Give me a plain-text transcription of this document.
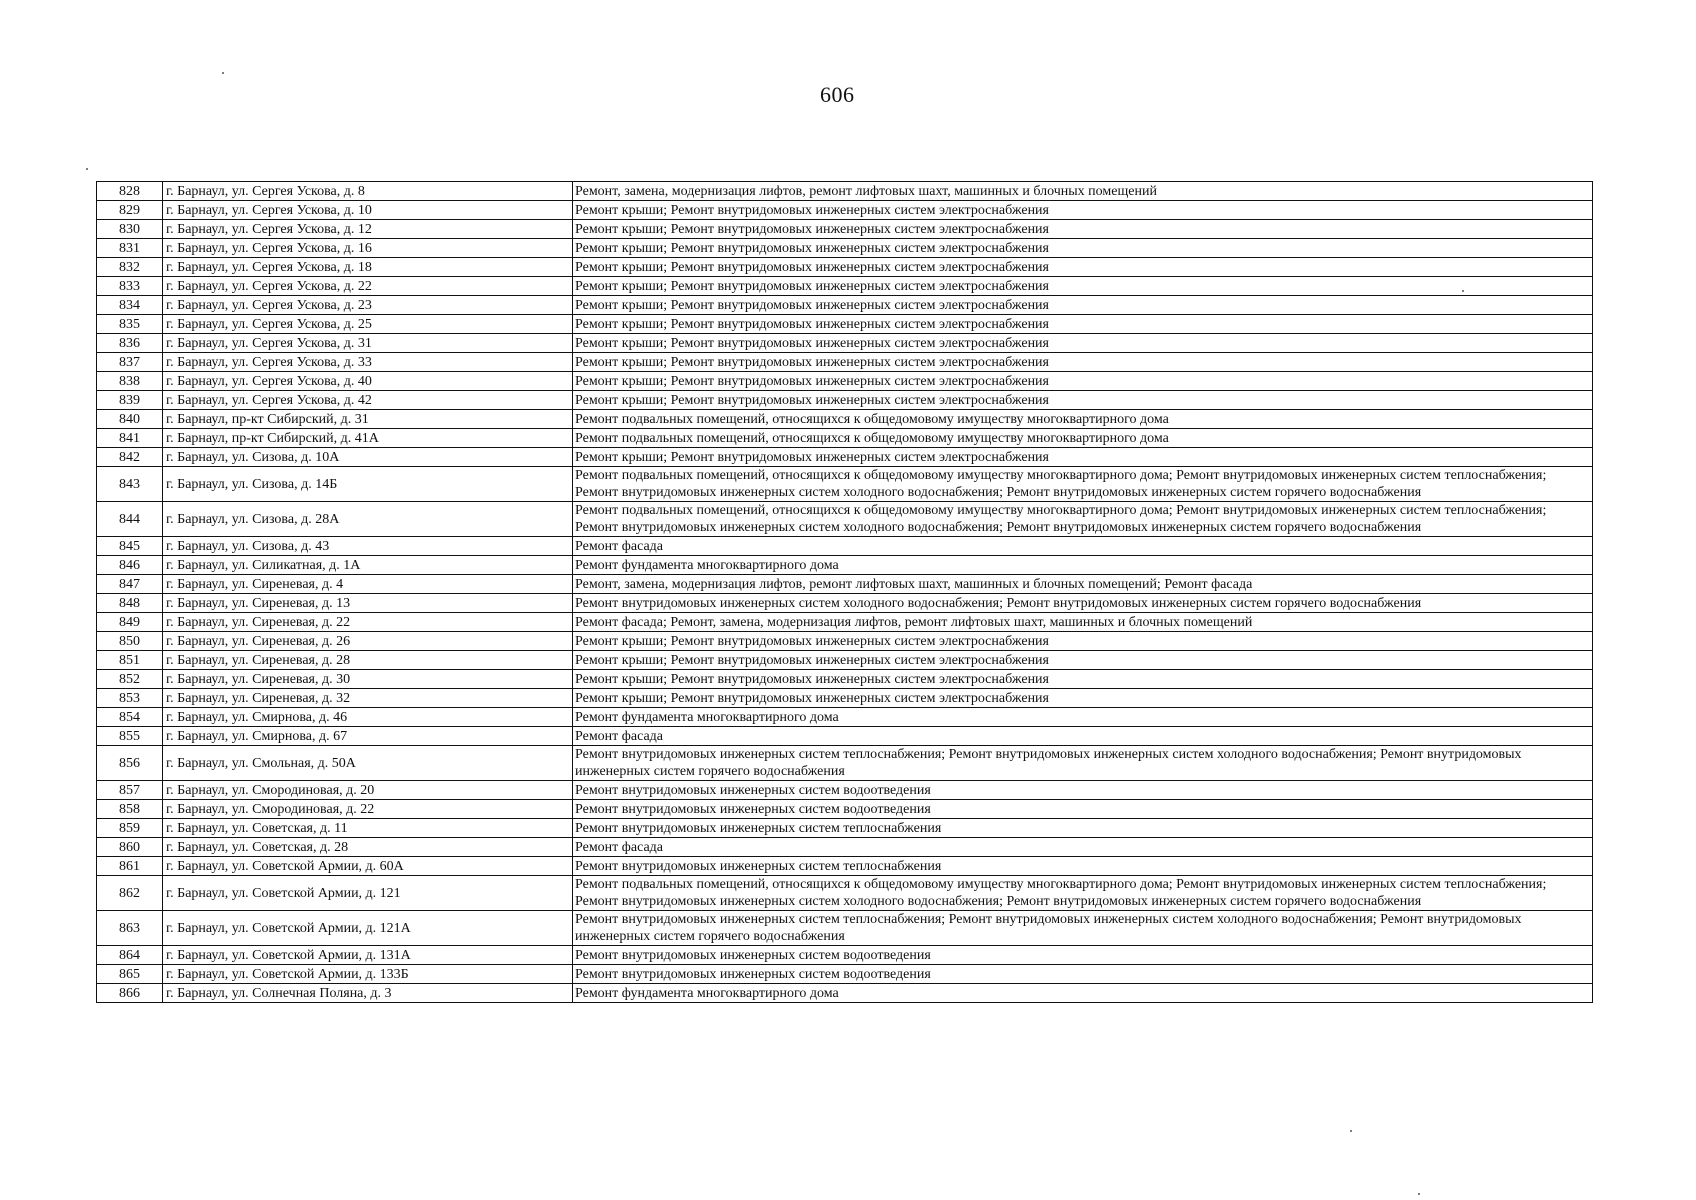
606
828	г. Барнаул, ул. Сергея Ускова, д. 8	Ремонт, замена, модернизация лифтов, ремонт лифтовых шахт, машинных и блочных помещений
829	г. Барнаул, ул. Сергея Ускова, д. 10	Ремонт крыши; Ремонт внутридомовых инженерных систем электроснабжения
830	г. Барнаул, ул. Сергея Ускова, д. 12	Ремонт крыши; Ремонт внутридомовых инженерных систем электроснабжения
831	г. Барнаул, ул. Сергея Ускова, д. 16	Ремонт крыши; Ремонт внутридомовых инженерных систем электроснабжения
832	г. Барнаул, ул. Сергея Ускова, д. 18	Ремонт крыши; Ремонт внутридомовых инженерных систем электроснабжения
833	г. Барнаул, ул. Сергея Ускова, д. 22	Ремонт крыши; Ремонт внутридомовых инженерных систем электроснабжения
834	г. Барнаул, ул. Сергея Ускова, д. 23	Ремонт крыши; Ремонт внутридомовых инженерных систем электроснабжения
835	г. Барнаул, ул. Сергея Ускова, д. 25	Ремонт крыши; Ремонт внутридомовых инженерных систем электроснабжения
836	г. Барнаул, ул. Сергея Ускова, д. 31	Ремонт крыши; Ремонт внутридомовых инженерных систем электроснабжения
837	г. Барнаул, ул. Сергея Ускова, д. 33	Ремонт крыши; Ремонт внутридомовых инженерных систем электроснабжения
838	г. Барнаул, ул. Сергея Ускова, д. 40	Ремонт крыши; Ремонт внутридомовых инженерных систем электроснабжения
839	г. Барнаул, ул. Сергея Ускова, д. 42	Ремонт крыши; Ремонт внутридомовых инженерных систем электроснабжения
840	г. Барнаул, пр-кт Сибирский, д. 31	Ремонт подвальных помещений, относящихся к общедомовому имуществу многоквартирного дома
841	г. Барнаул, пр-кт Сибирский, д. 41А	Ремонт подвальных помещений, относящихся к общедомовому имуществу многоквартирного дома
842	г. Барнаул, ул. Сизова, д. 10А	Ремонт крыши; Ремонт внутридомовых инженерных систем электроснабжения
843	г. Барнаул, ул. Сизова, д. 14Б	Ремонт подвальных помещений, относящихся к общедомовому имуществу многоквартирного дома; Ремонт внутридомовых инженерных систем теплоснабжения; Ремонт внутридомовых инженерных систем холодного водоснабжения; Ремонт внутридомовых инженерных систем горячего водоснабжения
844	г. Барнаул, ул. Сизова, д. 28А	Ремонт подвальных помещений, относящихся к общедомовому имуществу многоквартирного дома; Ремонт внутридомовых инженерных систем теплоснабжения; Ремонт внутридомовых инженерных систем холодного водоснабжения; Ремонт внутридомовых инженерных систем горячего водоснабжения
845	г. Барнаул, ул. Сизова, д. 43	Ремонт фасада
846	г. Барнаул, ул. Силикатная, д. 1А	Ремонт фундамента многоквартирного дома
847	г. Барнаул, ул. Сиреневая, д. 4	Ремонт, замена, модернизация лифтов, ремонт лифтовых шахт, машинных и блочных помещений; Ремонт фасада
848	г. Барнаул, ул. Сиреневая, д. 13	Ремонт внутридомовых инженерных систем холодного водоснабжения; Ремонт внутридомовых инженерных систем горячего водоснабжения
849	г. Барнаул, ул. Сиреневая, д. 22	Ремонт фасада; Ремонт, замена, модернизация лифтов, ремонт лифтовых шахт, машинных и блочных помещений
850	г. Барнаул, ул. Сиреневая, д. 26	Ремонт крыши; Ремонт внутридомовых инженерных систем электроснабжения
851	г. Барнаул, ул. Сиреневая, д. 28	Ремонт крыши; Ремонт внутридомовых инженерных систем электроснабжения
852	г. Барнаул, ул. Сиреневая, д. 30	Ремонт крыши; Ремонт внутридомовых инженерных систем электроснабжения
853	г. Барнаул, ул. Сиреневая, д. 32	Ремонт крыши; Ремонт внутридомовых инженерных систем электроснабжения
854	г. Барнаул, ул. Смирнова, д. 46	Ремонт фундамента многоквартирного дома
855	г. Барнаул, ул. Смирнова, д. 67	Ремонт фасада
856	г. Барнаул, ул. Смольная, д. 50А	Ремонт внутридомовых инженерных систем теплоснабжения; Ремонт внутридомовых инженерных систем холодного водоснабжения; Ремонт внутридомовых инженерных систем горячего водоснабжения
857	г. Барнаул, ул. Смородиновая, д. 20	Ремонт внутридомовых инженерных систем водоотведения
858	г. Барнаул, ул. Смородиновая, д. 22	Ремонт внутридомовых инженерных систем водоотведения
859	г. Барнаул, ул. Советская, д. 11	Ремонт внутридомовых инженерных систем теплоснабжения
860	г. Барнаул, ул. Советская, д. 28	Ремонт фасада
861	г. Барнаул, ул. Советской Армии, д. 60А	Ремонт внутридомовых инженерных систем теплоснабжения
862	г. Барнаул, ул. Советской Армии, д. 121	Ремонт подвальных помещений, относящихся к общедомовому имуществу многоквартирного дома; Ремонт внутридомовых инженерных систем теплоснабжения; Ремонт внутридомовых инженерных систем холодного водоснабжения; Ремонт внутридомовых инженерных систем горячего водоснабжения
863	г. Барнаул, ул. Советской Армии, д. 121А	Ремонт внутридомовых инженерных систем теплоснабжения; Ремонт внутридомовых инженерных систем холодного водоснабжения; Ремонт внутридомовых инженерных систем горячего водоснабжения
864	г. Барнаул, ул. Советской Армии, д. 131А	Ремонт внутридомовых инженерных систем водоотведения
865	г. Барнаул, ул. Советской Армии, д. 133Б	Ремонт внутридомовых инженерных систем водоотведения
866	г. Барнаул, ул. Солнечная Поляна, д. 3	Ремонт фундамента многоквартирного дома
